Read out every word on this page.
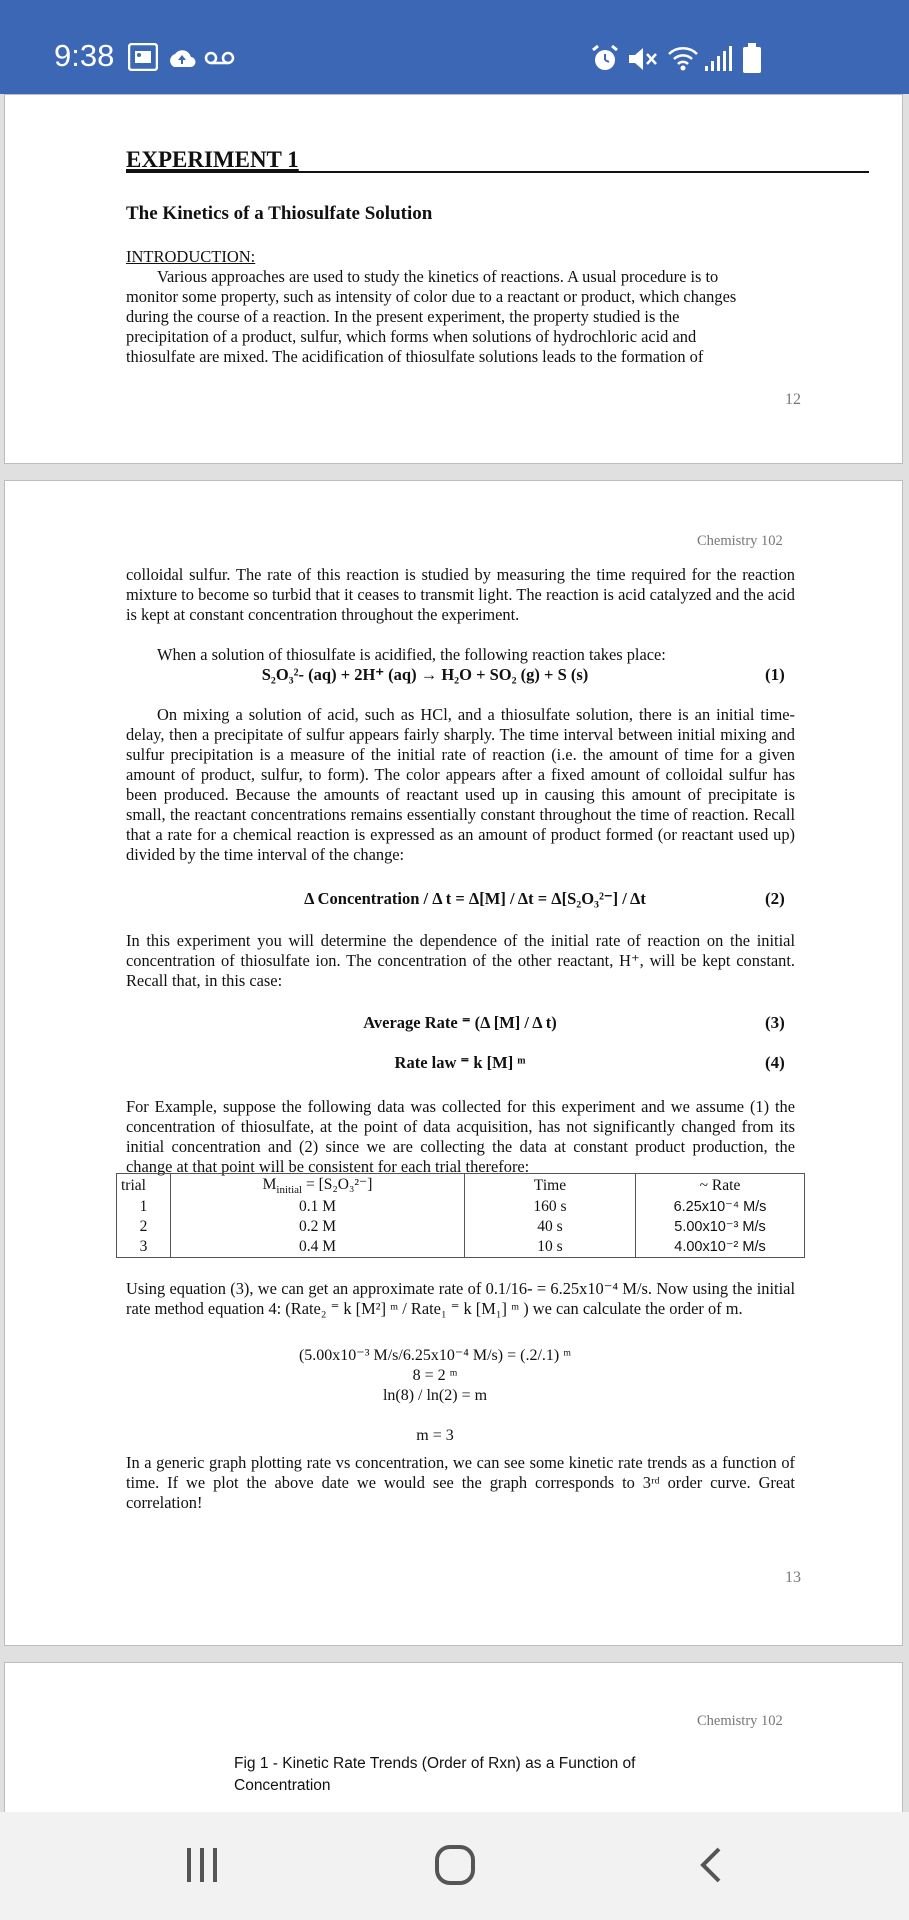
9:38
EXPERIMENT 1
The Kinetics of a Thiosulfate Solution
INTRODUCTION:
Various approaches are used to study the kinetics of reactions. A usual procedure is to
monitor some property, such as intensity of color due to a reactant or product, which changes
during the course of a reaction. In the present experiment, the property studied is the
precipitation of a product, sulfur, which forms when solutions of hydrochloric acid and
thiosulfate are mixed. The acidification of thiosulfate solutions leads to the formation of
12
Chemistry 102
colloidal sulfur. The rate of this reaction is studied by measuring the time required for the reaction mixture to become so turbid that it ceases to transmit light. The reaction is acid catalyzed and the acid is kept at constant concentration throughout the experiment.
When a solution of thiosulfate is acidified, the following reaction takes place:
S₂O₃²- (aq) + 2H⁺ (aq) → H₂O + SO₂ (g) + S (s)	(1)
On mixing a solution of acid, such as HCl, and a thiosulfate solution, there is an initial time-delay, then a precipitate of sulfur appears fairly sharply. The time interval between initial mixing and sulfur precipitation is a measure of the initial rate of reaction (i.e. the amount of time for a given amount of product, sulfur, to form). The color appears after a fixed amount of colloidal sulfur has been produced. Because the amounts of reactant used up in causing this amount of precipitate is small, the reactant concentrations remains essentially constant throughout the time of reaction. Recall that a rate for a chemical reaction is expressed as an amount of product formed (or reactant used up) divided by the time interval of the change:
Δ Concentration / Δ t = Δ[M] / Δt = Δ[S₂O₃²⁻] / Δt	(2)
In this experiment you will determine the dependence of the initial rate of reaction on the initial concentration of thiosulfate ion. The concentration of the other reactant, H⁺, will be kept constant. Recall that, in this case:
Average Rate ⁼ (Δ [M] / Δ t)	(3)
Rate law ⁼ k [M] ᵐ	(4)
For Example, suppose the following data was collected for this experiment and we assume (1) the concentration of thiosulfate, at the point of data acquisition, has not significantly changed from its initial concentration and (2) since we are collecting the data at constant product production, the change at that point will be consistent for each trial therefore:
trial	$M_{initial} = [S_2O_3^{2-}]$	Time	~ Rate
1	0.1 M	160 s	6.25x10⁻⁴ M/s
2	0.2 M	40 s	5.00x10⁻³ M/s
3	0.4 M	10 s	4.00x10⁻² M/s
Using equation (3), we can get an approximate rate of 0.1/16- = 6.25x10⁻⁴ M/s. Now using the initial rate method equation 4: (Rate₂ ⁼ k [M²] ᵐ / Rate₁ ⁼ k [M₁] ᵐ ) we can calculate the order of m.
(5.00x10⁻³ M/s/6.25x10⁻⁴ M/s) = (.2/.1) ᵐ
8 = 2 ᵐ
ln(8) / ln(2) = m
m = 3
In a generic graph plotting rate vs concentration, we can see some kinetic rate trends as a function of time. If we plot the above date we would see the graph corresponds to 3ʳᵈ order curve. Great correlation!
13
Chemistry 102
Fig 1 - Kinetic Rate Trends (Order of Rxn) as a Function of
Concentration
